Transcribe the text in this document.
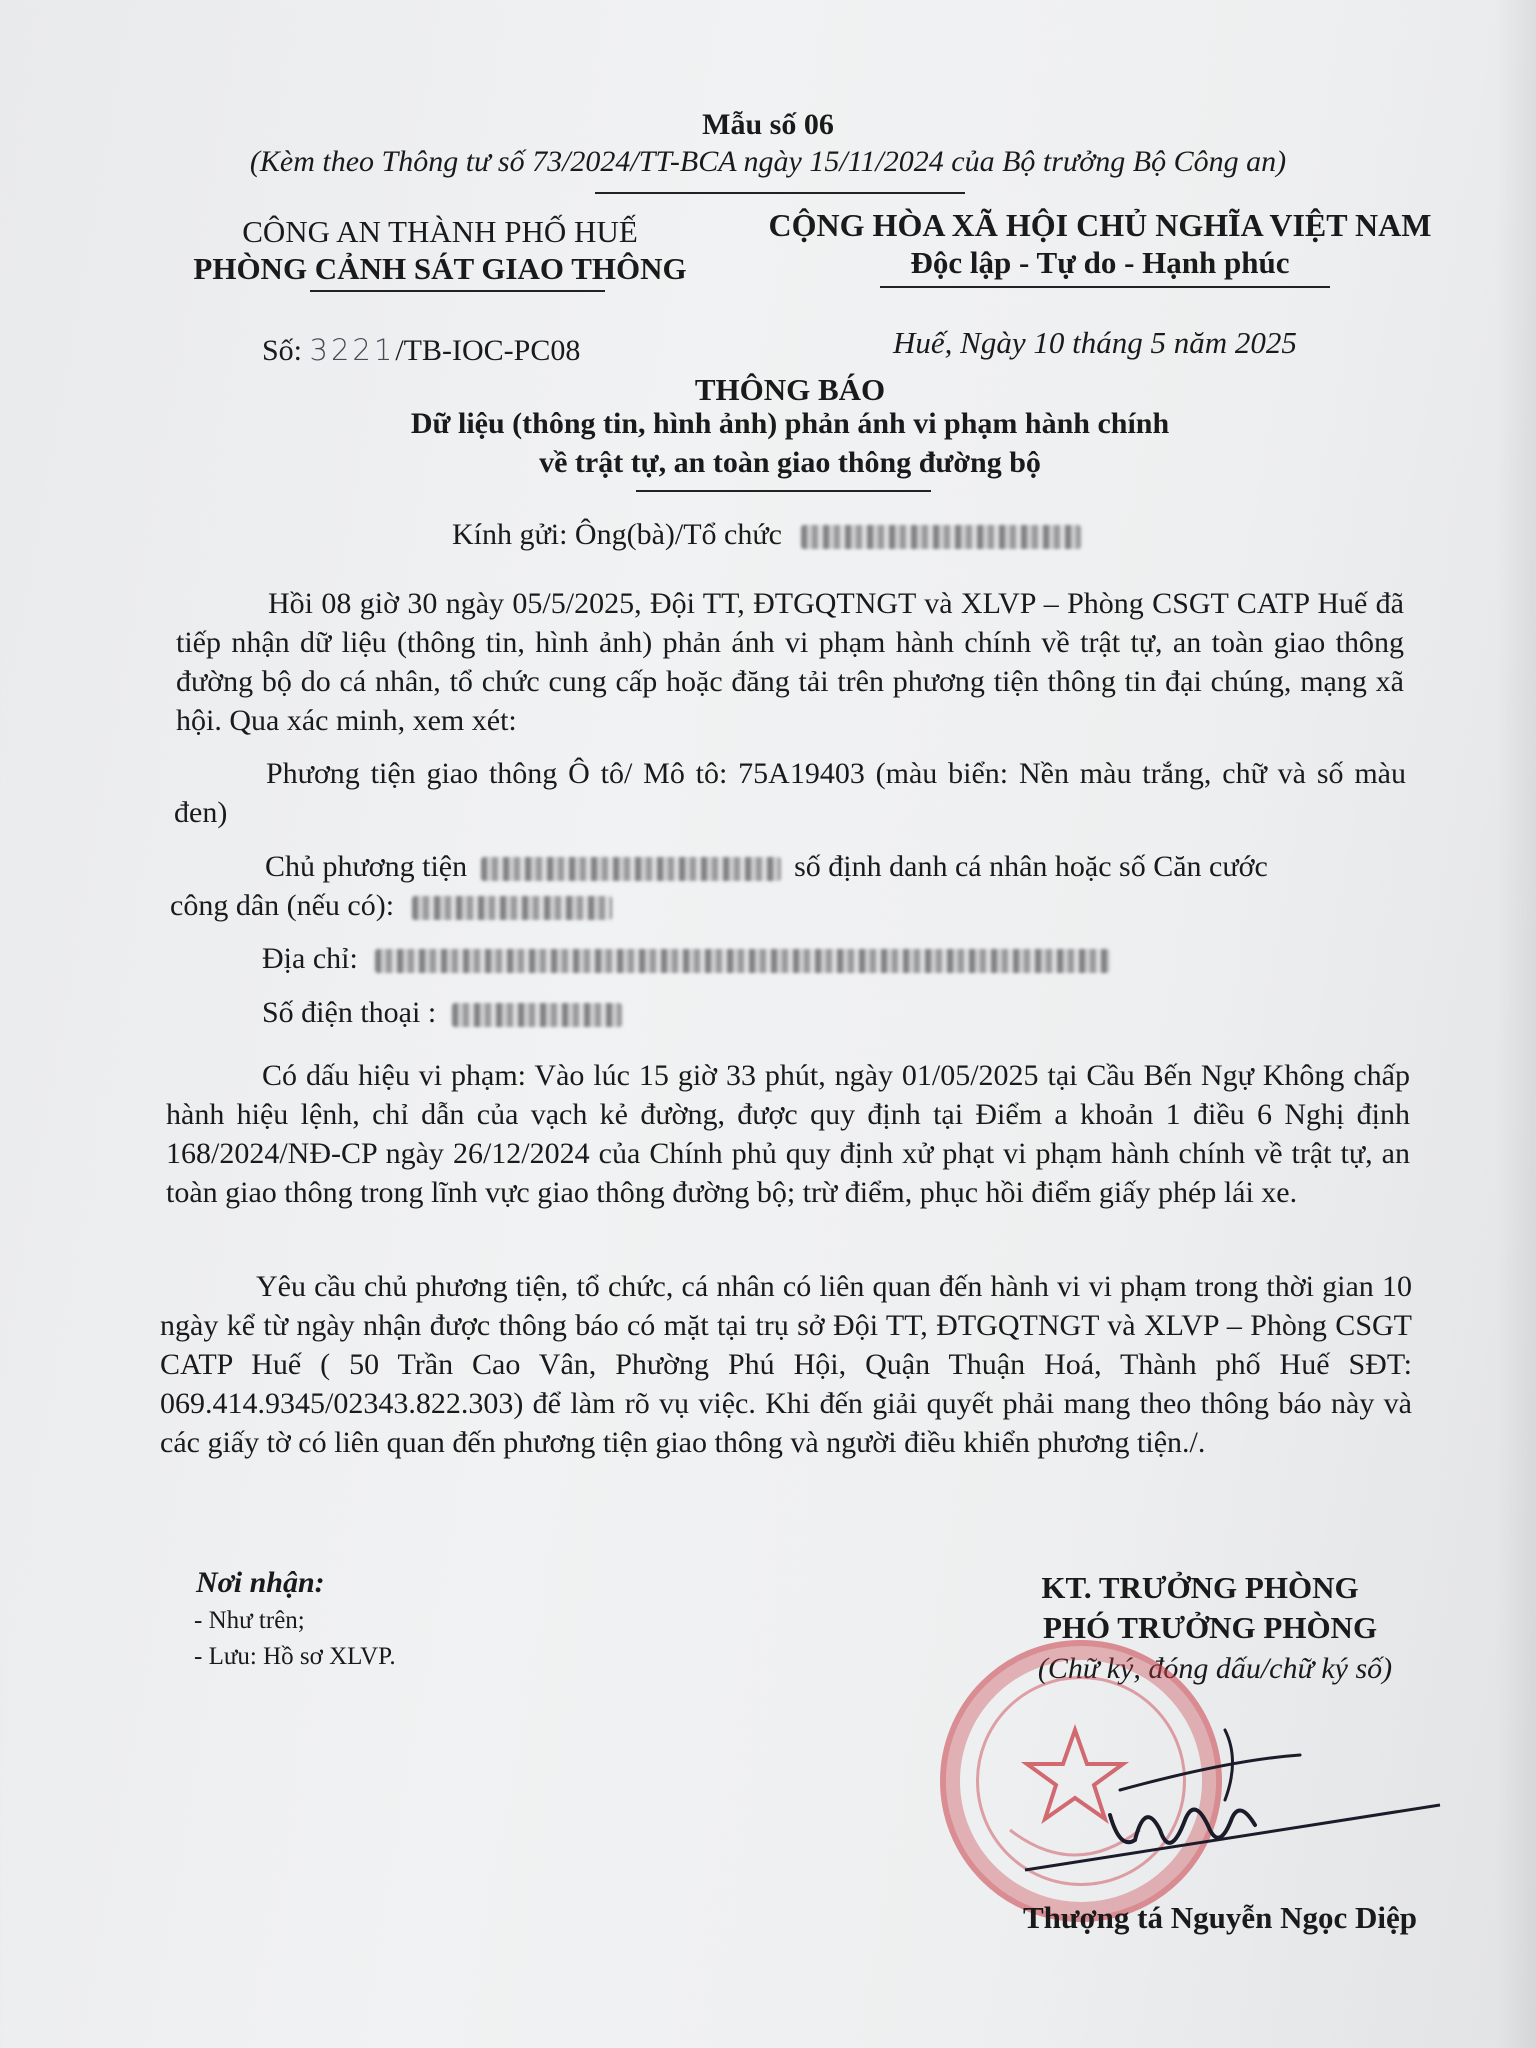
Mẫu số 06
(Kèm theo Thông tư số 73/2024/TT-BCA ngày 15/11/2024 của Bộ trưởng Bộ Công an)
CÔNG AN THÀNH PHỐ HUẾ
PHÒNG CẢNH SÁT GIAO THÔNG
CỘNG HÒA XÃ HỘI CHỦ NGHĨA VIỆT NAM
Độc lập - Tự do - Hạnh phúc
Số: 3221/TB-IOC-PC08	Huế, Ngày 10 tháng 5 năm 2025
THÔNG BÁO
Dữ liệu (thông tin, hình ảnh) phản ánh vi phạm hành chính
về trật tự, an toàn giao thông đường bộ
Kính gửi: Ông(bà)/Tổ chức
Hồi 08 giờ 30 ngày 05/5/2025, Đội TT, ĐTGQTNGT và XLVP – Phòng CSGT CATP Huế đã tiếp nhận dữ liệu (thông tin, hình ảnh) phản ánh vi phạm hành chính về trật tự, an toàn giao thông đường bộ do cá nhân, tổ chức cung cấp hoặc đăng tải trên phương tiện thông tin đại chúng, mạng xã hội. Qua xác minh, xem xét:
Phương tiện giao thông Ô tô/ Mô tô: 75A19403 (màu biển: Nền màu trắng, chữ và số màu đen)
Chủ phương tiện	số định danh cá nhân hoặc số Căn cước
công dân (nếu có):
Địa chỉ:
Số điện thoại :
Có dấu hiệu vi phạm: Vào lúc 15 giờ 33 phút, ngày 01/05/2025 tại Cầu Bến Ngự Không chấp hành hiệu lệnh, chỉ dẫn của vạch kẻ đường, được quy định tại Điểm a khoản 1 điều 6 Nghị định 168/2024/NĐ-CP ngày 26/12/2024 của Chính phủ quy định xử phạt vi phạm hành chính về trật tự, an toàn giao thông trong lĩnh vực giao thông đường bộ; trừ điểm, phục hồi điểm giấy phép lái xe.
Yêu cầu chủ phương tiện, tổ chức, cá nhân có liên quan đến hành vi vi phạm trong thời gian 10 ngày kể từ ngày nhận được thông báo có mặt tại trụ sở Đội TT, ĐTGQTNGT và XLVP – Phòng CSGT CATP Huế ( 50 Trần Cao Vân, Phường Phú Hội, Quận Thuận Hoá, Thành phố Huế SĐT: 069.414.9345/02343.822.303) để làm rõ vụ việc. Khi đến giải quyết phải mang theo thông báo này và các giấy tờ có liên quan đến phương tiện giao thông và người điều khiển phương tiện./.
Nơi nhận:
- Như trên;
- Lưu: Hồ sơ XLVP.
KT. TRƯỞNG PHÒNG
PHÓ TRƯỞNG PHÒNG
(Chữ ký, đóng dấu/chữ ký số)
Thượng tá Nguyễn Ngọc Diệp
